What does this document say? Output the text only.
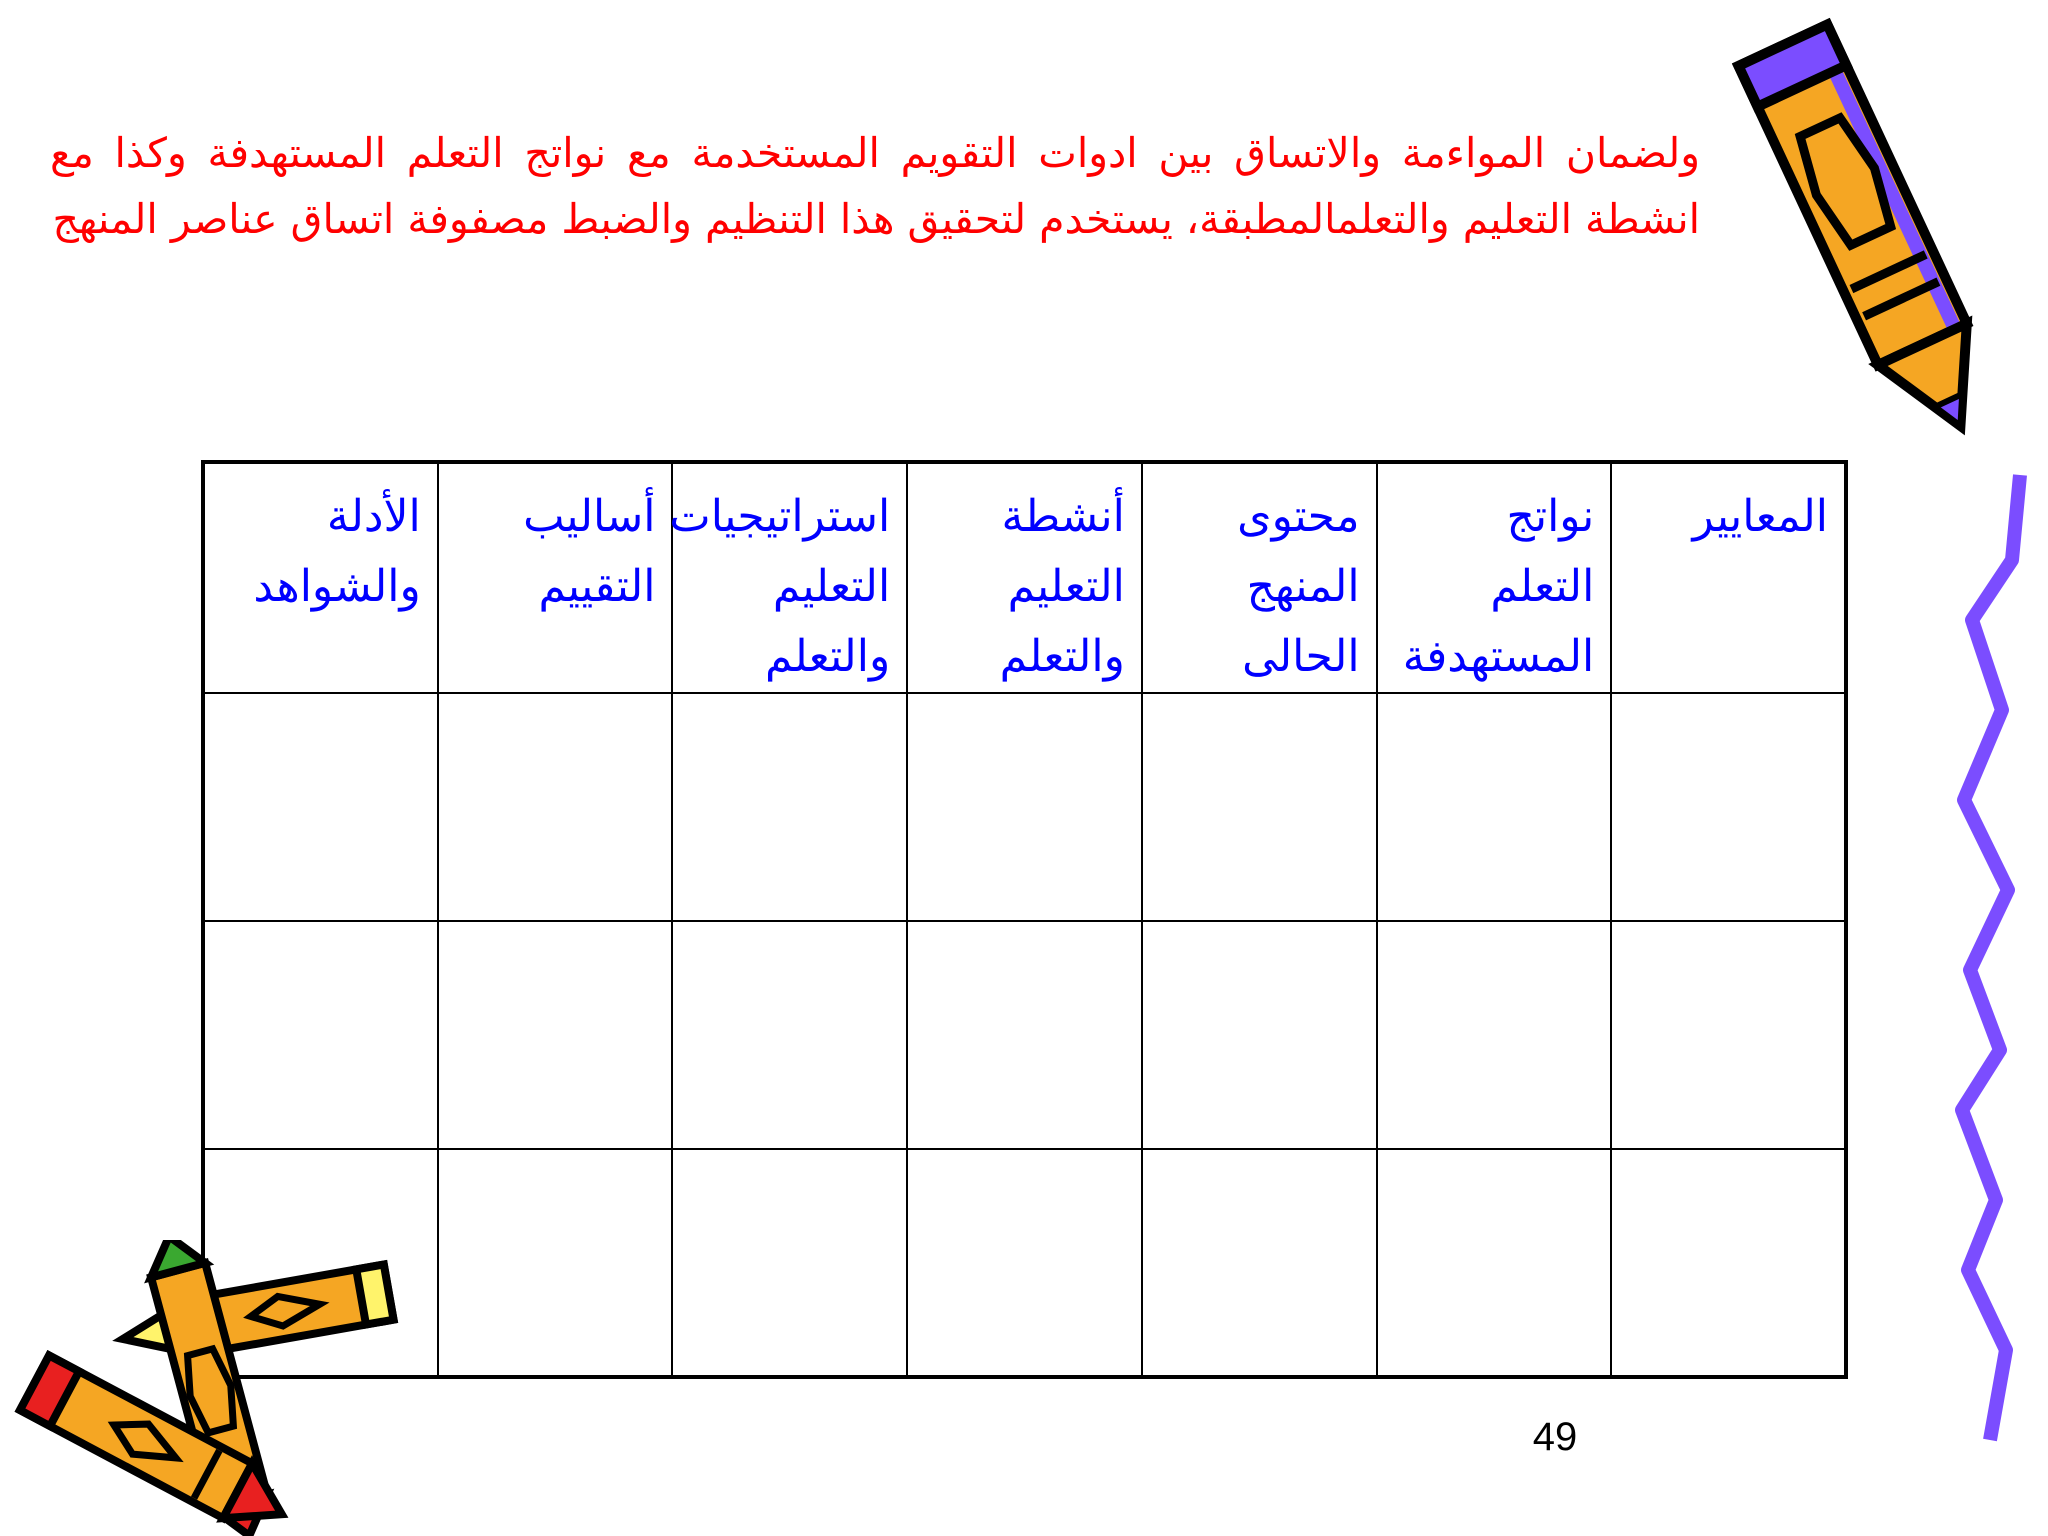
ولضمان المواءمة والاتساق بين ادوات التقويم المستخدمة مع نواتج التعلم المستهدفة وكذا مع انشطة التعليم والتعلمالمطبقة، يستخدم لتحقيق هذا التنظيم والضبط مصفوفة اتساق عناصر المنهج
المعايير	نواتج التعلم المستهدفة	محتوى المنهج الحالى	أنشطة التعليم والتعلم	استراتيجيات التعليم والتعلم	أساليب التقييم	الأدلة والشواهد

49
